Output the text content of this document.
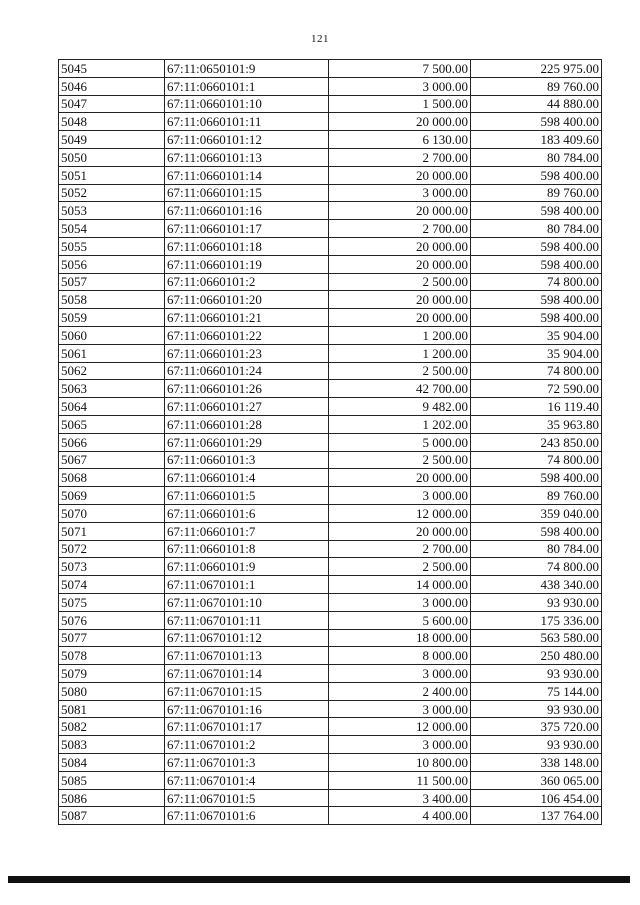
121
5045	67:11:0650101:9	7 500.00	225 975.00
5046	67:11:0660101:1	3 000.00	89 760.00
5047	67:11:0660101:10	1 500.00	44 880.00
5048	67:11:0660101:11	20 000.00	598 400.00
5049	67:11:0660101:12	6 130.00	183 409.60
5050	67:11:0660101:13	2 700.00	80 784.00
5051	67:11:0660101:14	20 000.00	598 400.00
5052	67:11:0660101:15	3 000.00	89 760.00
5053	67:11:0660101:16	20 000.00	598 400.00
5054	67:11:0660101:17	2 700.00	80 784.00
5055	67:11:0660101:18	20 000.00	598 400.00
5056	67:11:0660101:19	20 000.00	598 400.00
5057	67:11:0660101:2	2 500.00	74 800.00
5058	67:11:0660101:20	20 000.00	598 400.00
5059	67:11:0660101:21	20 000.00	598 400.00
5060	67:11:0660101:22	1 200.00	35 904.00
5061	67:11:0660101:23	1 200.00	35 904.00
5062	67:11:0660101:24	2 500.00	74 800.00
5063	67:11:0660101:26	42 700.00	72 590.00
5064	67:11:0660101:27	9 482.00	16 119.40
5065	67:11:0660101:28	1 202.00	35 963.80
5066	67:11:0660101:29	5 000.00	243 850.00
5067	67:11:0660101:3	2 500.00	74 800.00
5068	67:11:0660101:4	20 000.00	598 400.00
5069	67:11:0660101:5	3 000.00	89 760.00
5070	67:11:0660101:6	12 000.00	359 040.00
5071	67:11:0660101:7	20 000.00	598 400.00
5072	67:11:0660101:8	2 700.00	80 784.00
5073	67:11:0660101:9	2 500.00	74 800.00
5074	67:11:0670101:1	14 000.00	438 340.00
5075	67:11:0670101:10	3 000.00	93 930.00
5076	67:11:0670101:11	5 600.00	175 336.00
5077	67:11:0670101:12	18 000.00	563 580.00
5078	67:11:0670101:13	8 000.00	250 480.00
5079	67:11:0670101:14	3 000.00	93 930.00
5080	67:11:0670101:15	2 400.00	75 144.00
5081	67:11:0670101:16	3 000.00	93 930.00
5082	67:11:0670101:17	12 000.00	375 720.00
5083	67:11:0670101:2	3 000.00	93 930.00
5084	67:11:0670101:3	10 800.00	338 148.00
5085	67:11:0670101:4	11 500.00	360 065.00
5086	67:11:0670101:5	3 400.00	106 454.00
5087	67:11:0670101:6	4 400.00	137 764.00
